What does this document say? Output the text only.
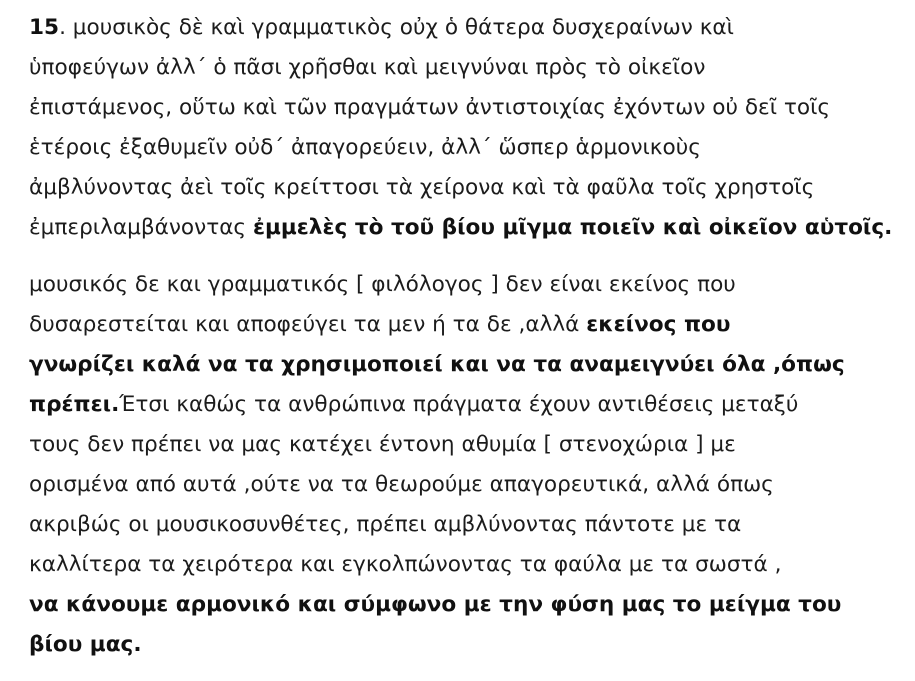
15. μουσικὸς δὲ καὶ γραμματικὸς οὐχ ὁ θάτερα δυσχεραίνων καὶ
ὑποφεύγων ἀλλ΄ ὁ πᾶσι χρῆσθαι καὶ μειγνύναι πρὸς τὸ οἰκεῖον
ἐπιστάμενος, οὕτω καὶ τῶν πραγμάτων ἀντιστοιχίας ἐχόντων οὐ δεῖ τοῖς
ἑτέροις ἐξαθυμεῖν οὐδ΄ ἀπαγορεύειν, ἀλλ΄ ὥσπερ ἁρμονικοὺς
ἀμβλύνοντας ἀεὶ τοῖς κρείττοσι τὰ χείρονα καὶ τὰ φαῦλα τοῖς χρηστοῖς
ἐμπεριλαμβάνοντας ἐμμελὲς τὸ τοῦ βίου μῖγμα ποιεῖν καὶ οἰκεῖον αὑτοῖς.
μουσικός δε και γραμματικός [ φιλόλογος ] δεν είναι εκείνος που
δυσαρεστείται και αποφεύγει τα μεν ή τα δε ,αλλά εκείνος που
γνωρίζει καλά να τα χρησιμοποιεί και να τα αναμειγνύει όλα ,όπως
πρέπει.Έτσι καθώς τα ανθρώπινα πράγματα έχουν αντιθέσεις μεταξύ
τους δεν πρέπει να μας κατέχει έντονη αθυμία [ στενοχώρια ] με
ορισμένα από αυτά ,ούτε να τα θεωρούμε απαγορευτικά, αλλά όπως
ακριβώς οι μουσικοσυνθέτες, πρέπει αμβλύνοντας πάντοτε με τα
καλλίτερα τα χειρότερα και εγκολπώνοντας τα φαύλα με τα σωστά ,
να κάνουμε αρμονικό και σύμφωνο με την φύση μας το μείγμα του
βίου μας.
